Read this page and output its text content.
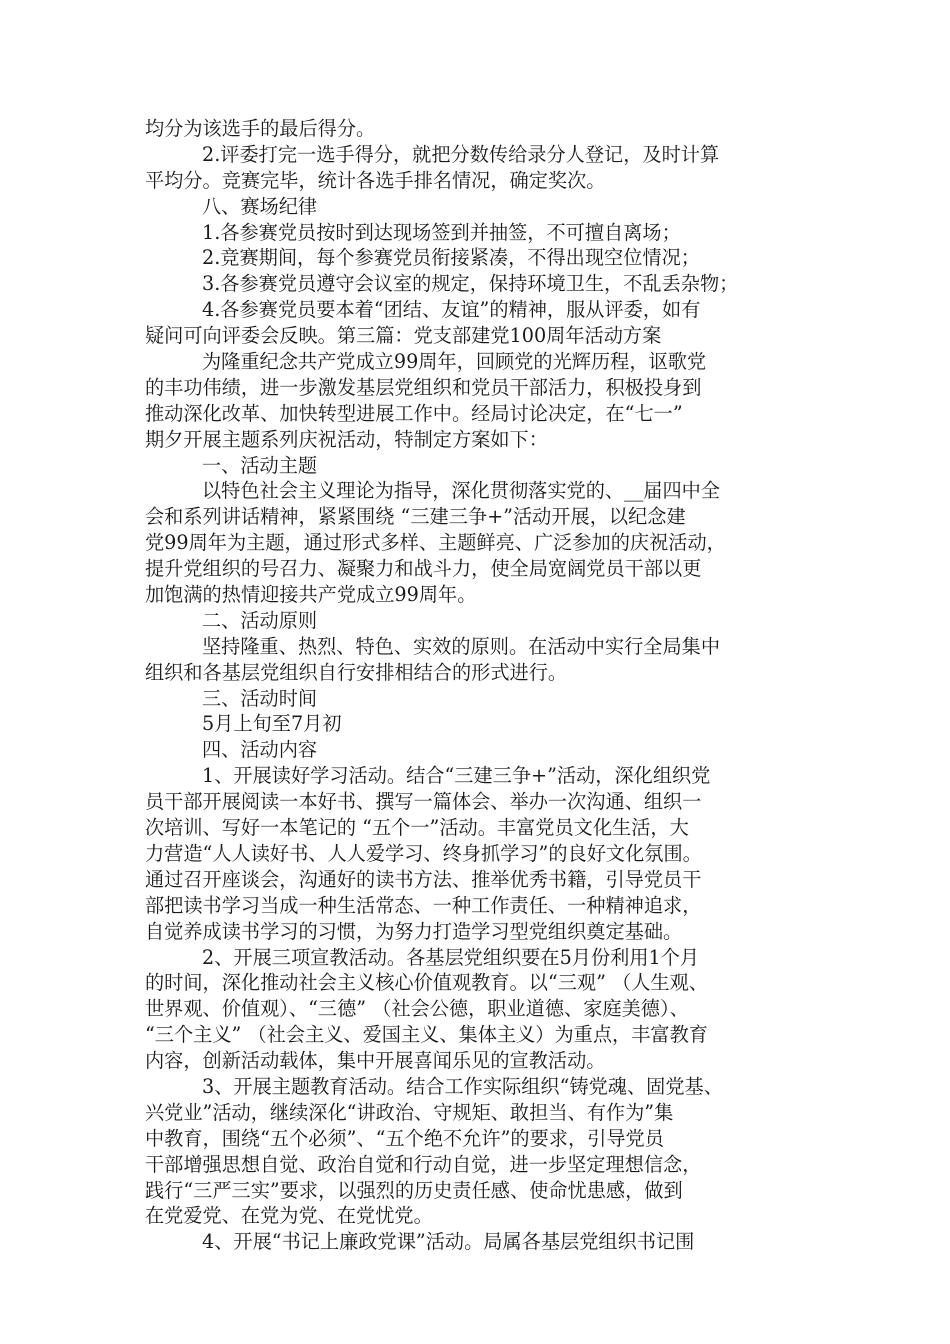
均分为该选手的最后得分。
2.评委打完一选手得分，就把分数传给录分人登记，及时计算
平均分。竞赛完毕，统计各选手排名情况，确定奖次。
八、赛场纪律
1.各参赛党员按时到达现场签到并抽签，不可擅自离场；
2.竞赛期间，每个参赛党员衔接紧凑，不得出现空位情况；
3.各参赛党员遵守会议室的规定，保持环境卫生，不乱丢杂物；
4.各参赛党员要本着“团结、友谊”的精神，服从评委，如有
疑问可向评委会反映。第三篇：党支部建党100周年活动方案
为隆重纪念共产党成立99周年，回顾党的光辉历程，讴歌党
的丰功伟绩，进一步激发基层党组织和党员干部活力，积极投身到
推动深化改革、加快转型进展工作中。经局讨论决定，在“七一”
期夕开展主题系列庆祝活动，特制定方案如下：
一、活动主题
以特色社会主义理论为指导，深化贯彻落实党的、__届四中全
会和系列讲话精神，紧紧围绕 “三建三争+”活动开展，以纪念建
党99周年为主题，通过形式多样、主题鲜亮、广泛参加的庆祝活动，
提升党组织的号召力、凝聚力和战斗力，使全局宽阔党员干部以更
加饱满的热情迎接共产党成立99周年。
二、活动原则
坚持隆重、热烈、特色、实效的原则。在活动中实行全局集中
组织和各基层党组织自行安排相结合的形式进行。
三、活动时间
5月上旬至7月初
四、活动内容
1、开展读好学习活动。结合“三建三争+”活动，深化组织党
员干部开展阅读一本好书、撰写一篇体会、举办一次沟通、组织一
次培训、写好一本笔记的 “五个一”活动。丰富党员文化生活，大
力营造“人人读好书、人人爱学习、终身抓学习”的良好文化氛围。
通过召开座谈会，沟通好的读书方法、推举优秀书籍，引导党员干
部把读书学习当成一种生活常态、一种工作责任、一种精神追求，
自觉养成读书学习的习惯，为努力打造学习型党组织奠定基础。
2、开展三项宣教活动。各基层党组织要在5月份利用1个月
的时间，深化推动社会主义核心价值观教育。以“三观” （人生观、
世界观、价值观）、“三德” （社会公德，职业道德、家庭美德）、
“三个主义” （社会主义、爱国主义、集体主义）为重点，丰富教育
内容，创新活动载体，集中开展喜闻乐见的宣教活动。
3、开展主题教育活动。结合工作实际组织“铸党魂、固党基、
兴党业”活动，继续深化“讲政治、守规矩、敢担当、有作为”集
中教育，围绕“五个必须”、“五个绝不允许”的要求，引导党员
干部增强思想自觉、政治自觉和行动自觉，进一步坚定理想信念，
践行“三严三实”要求，以强烈的历史责任感、使命忧患感，做到
在党爱党、在党为党、在党忧党。
4、开展“书记上廉政党课”活动。局属各基层党组织书记围
